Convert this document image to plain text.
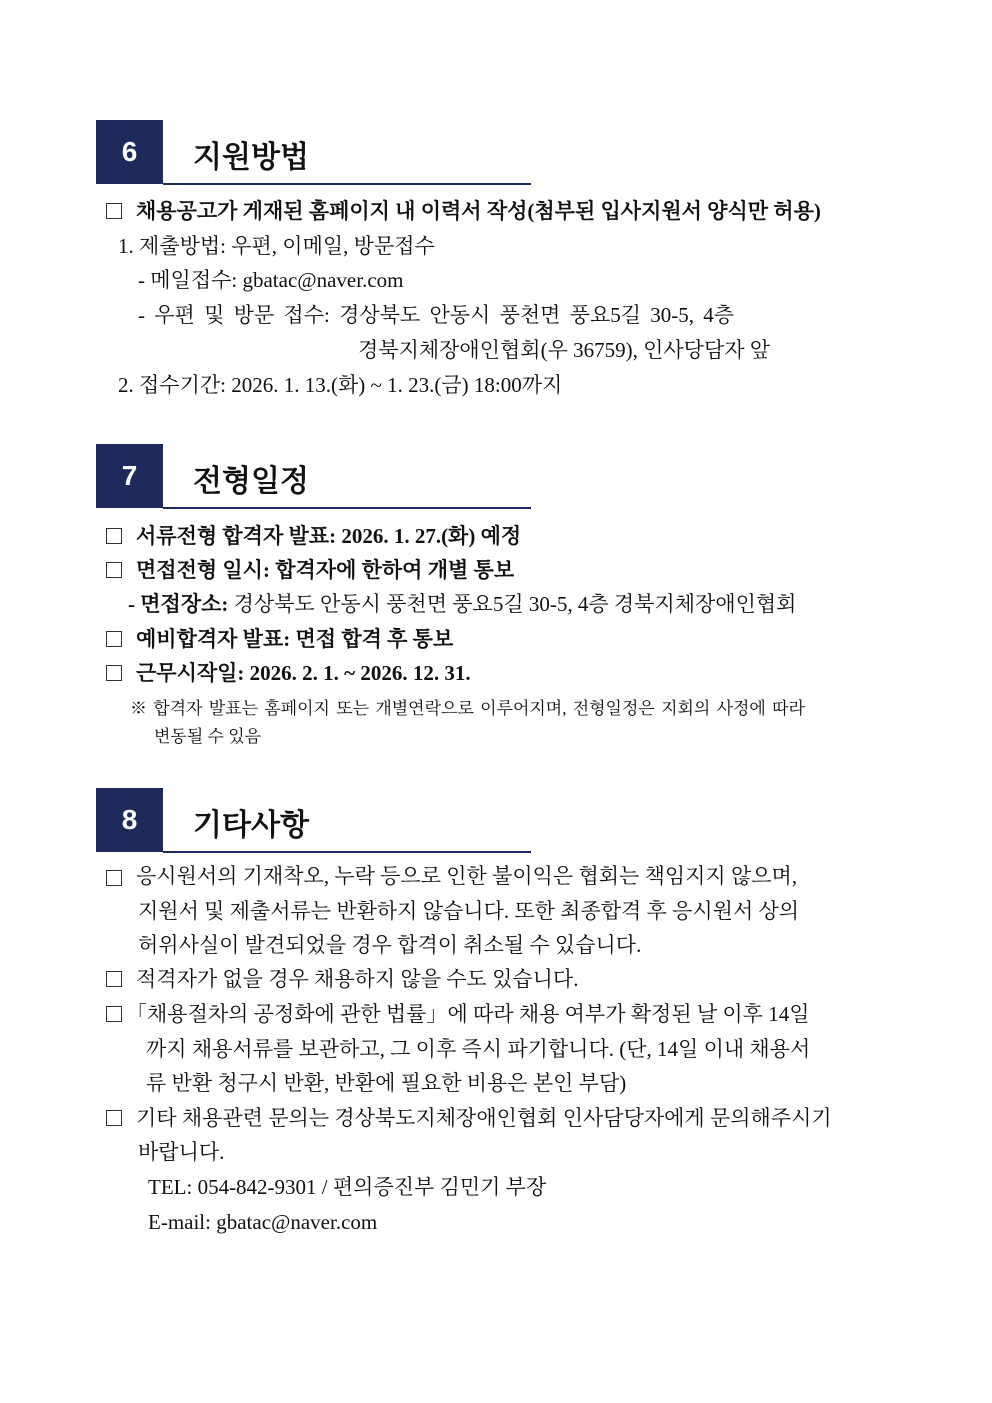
6	지원방법
채용공고가 게재된 홈페이지 내 이력서 작성(첨부된 입사지원서 양식만 허용)
1. 제출방법: 우편, 이메일, 방문접수
- 메일접수: gbatac@naver.com
- 우편 및 방문 접수: 경상북도 안동시 풍천면 풍요5길 30-5, 4층
경북지체장애인협회(우 36759), 인사당담자 앞
2. 접수기간: 2026. 1. 13.(화) ~ 1. 23.(금) 18:00까지
7	전형일정
서류전형 합격자 발표: 2026. 1. 27.(화) 예정
면접전형 일시: 합격자에 한하여 개별 통보
- 면접장소: 경상북도 안동시 풍천면 풍요5길 30-5, 4층 경북지체장애인협회
예비합격자 발표: 면접 합격 후 통보
근무시작일: 2026. 2. 1. ~ 2026. 12. 31.
※ 합격자 발표는 홈페이지 또는 개별연락으로 이루어지며, 전형일정은 지회의 사정에 따라
변동될 수 있음
8	기타사항
응시원서의 기재착오, 누락 등으로 인한 불이익은 협회는 책임지지 않으며,
지원서 및 제출서류는 반환하지 않습니다. 또한 최종합격 후 응시원서 상의
허위사실이 발견되었을 경우 합격이 취소될 수 있습니다.
적격자가 없을 경우 채용하지 않을 수도 있습니다.
「채용절차의 공정화에 관한 법률」에 따라 채용 여부가 확정된 날 이후 14일
까지 채용서류를 보관하고, 그 이후 즉시 파기합니다. (단, 14일 이내 채용서
류 반환 청구시 반환, 반환에 필요한 비용은 본인 부담)
기타 채용관련 문의는 경상북도지체장애인협회 인사담당자에게 문의해주시기
바랍니다.
TEL: 054-842-9301 / 편의증진부 김민기 부장
E-mail: gbatac@naver.com
